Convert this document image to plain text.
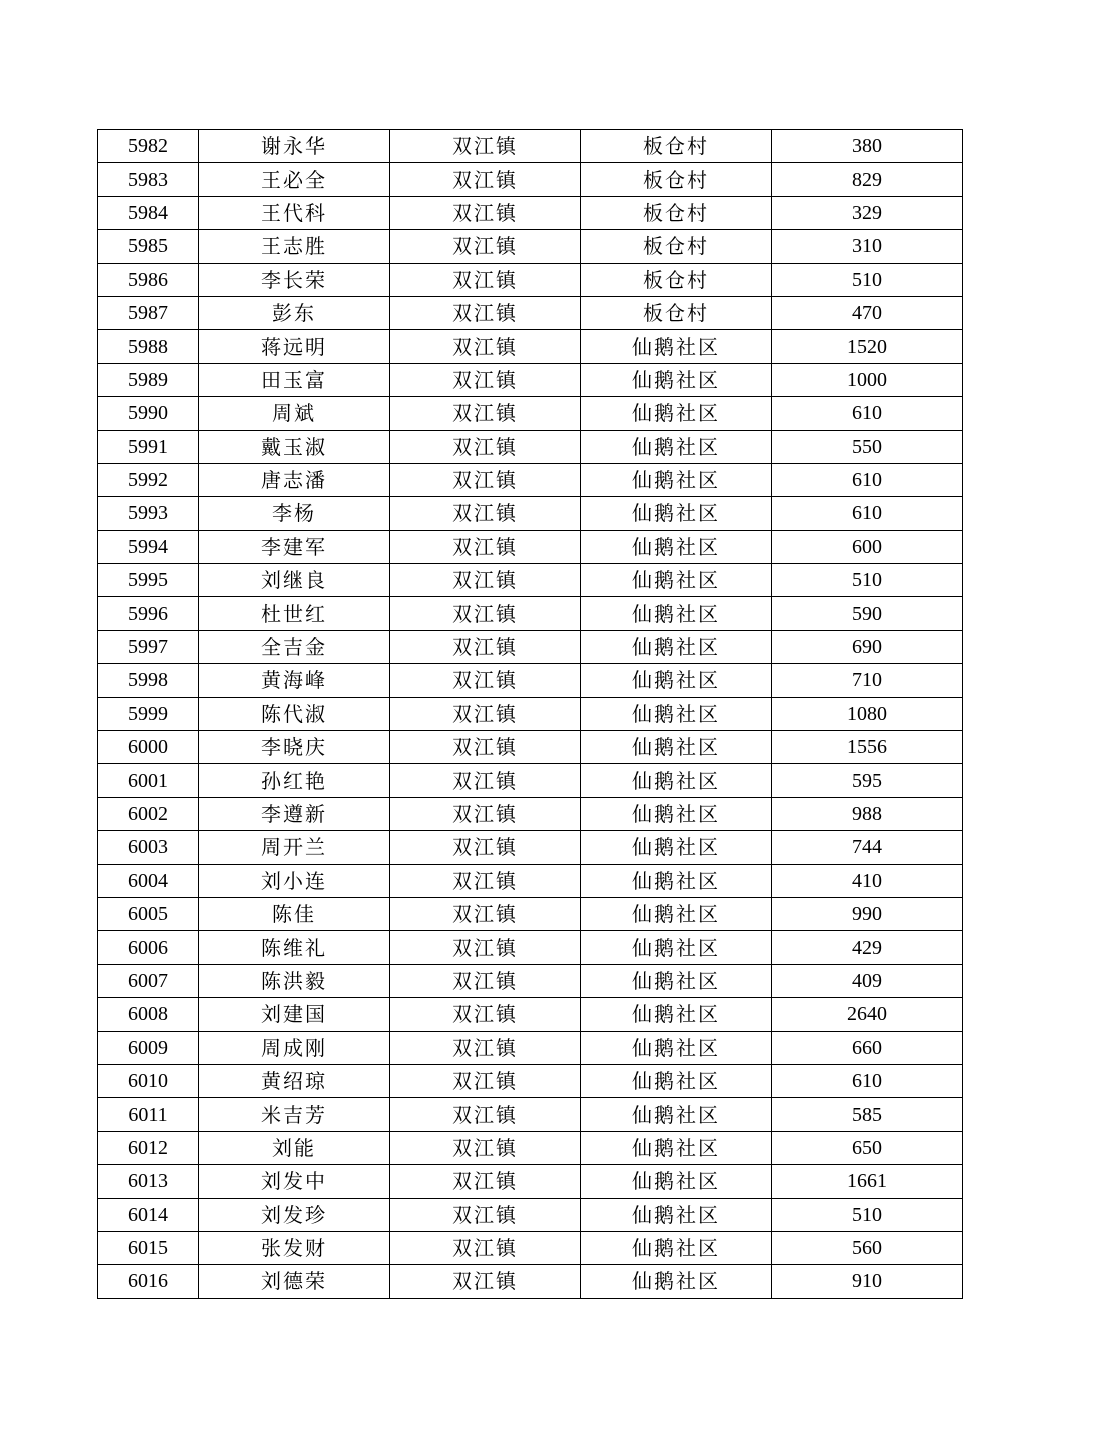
5982	谢永华	双江镇	板仓村	380
5983	王必全	双江镇	板仓村	829
5984	王代科	双江镇	板仓村	329
5985	王志胜	双江镇	板仓村	310
5986	李长荣	双江镇	板仓村	510
5987	彭东	双江镇	板仓村	470
5988	蒋远明	双江镇	仙鹅社区	1520
5989	田玉富	双江镇	仙鹅社区	1000
5990	周斌	双江镇	仙鹅社区	610
5991	戴玉淑	双江镇	仙鹅社区	550
5992	唐志潘	双江镇	仙鹅社区	610
5993	李杨	双江镇	仙鹅社区	610
5994	李建军	双江镇	仙鹅社区	600
5995	刘继良	双江镇	仙鹅社区	510
5996	杜世红	双江镇	仙鹅社区	590
5997	全吉金	双江镇	仙鹅社区	690
5998	黄海峰	双江镇	仙鹅社区	710
5999	陈代淑	双江镇	仙鹅社区	1080
6000	李晓庆	双江镇	仙鹅社区	1556
6001	孙红艳	双江镇	仙鹅社区	595
6002	李遵新	双江镇	仙鹅社区	988
6003	周开兰	双江镇	仙鹅社区	744
6004	刘小连	双江镇	仙鹅社区	410
6005	陈佳	双江镇	仙鹅社区	990
6006	陈维礼	双江镇	仙鹅社区	429
6007	陈洪毅	双江镇	仙鹅社区	409
6008	刘建国	双江镇	仙鹅社区	2640
6009	周成刚	双江镇	仙鹅社区	660
6010	黄绍琼	双江镇	仙鹅社区	610
6011	米吉芳	双江镇	仙鹅社区	585
6012	刘能	双江镇	仙鹅社区	650
6013	刘发中	双江镇	仙鹅社区	1661
6014	刘发珍	双江镇	仙鹅社区	510
6015	张发财	双江镇	仙鹅社区	560
6016	刘德荣	双江镇	仙鹅社区	910
